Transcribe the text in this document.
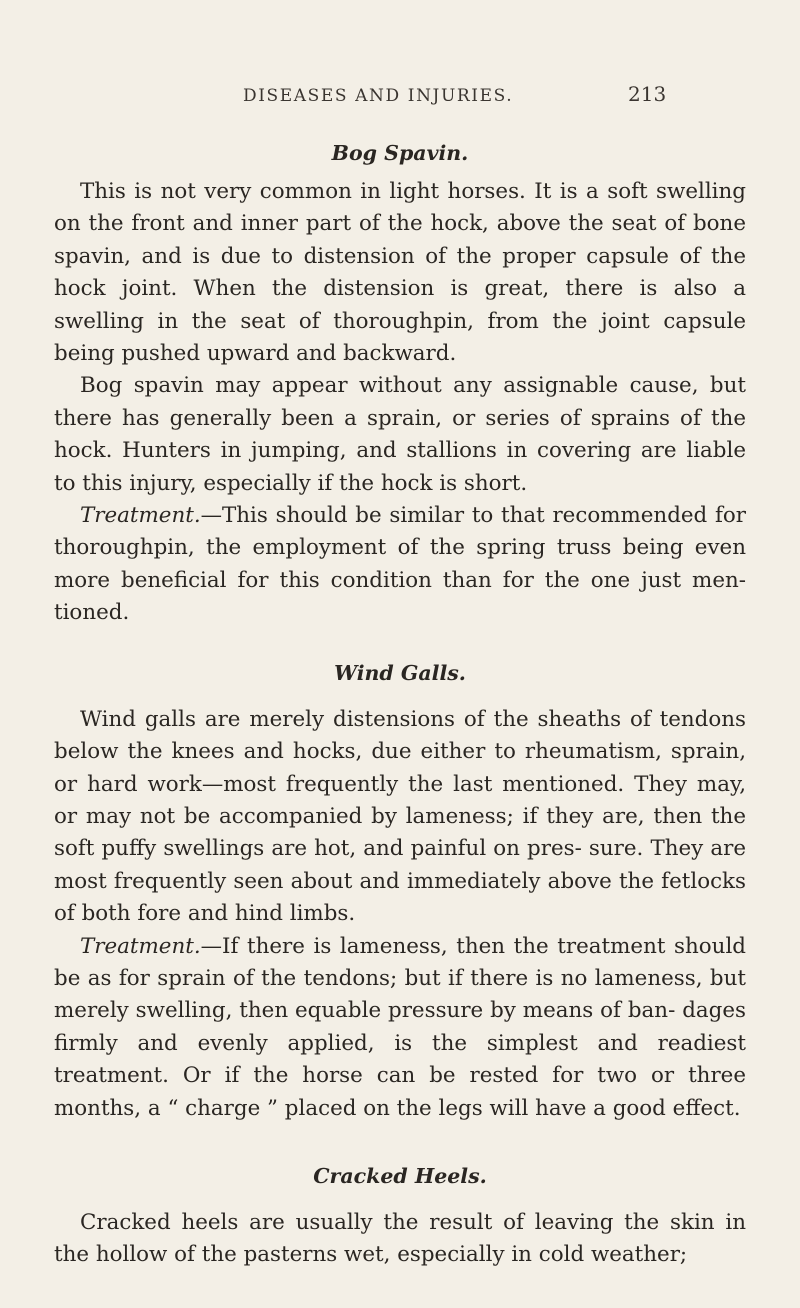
DISEASES AND INJURIES.	213
Bog Spavin.

This is not very common in light horses. It is a soft swelling on the front and inner part of the hock, above the seat of bone spavin, and is due to distension of the proper capsule of the hock joint. When the distension is great, there is also a swelling in the seat of thoroughpin, from the joint capsule being pushed upward and backward.

Bog spavin may appear without any assignable cause, but there has generally been a sprain, or series of sprains of the hock. Hunters in jumping, and stallions in covering are liable to this injury, especially if the hock is short.

Treatment.—This should be similar to that recommended for thoroughpin, the employment of the spring truss being even more beneficial for this condition than for the one just men- tioned.

Wind Galls.

Wind galls are merely distensions of the sheaths of tendons below the knees and hocks, due either to rheumatism, sprain, or hard work—most frequently the last mentioned. They may, or may not be accompanied by lameness; if they are, then the soft puffy swellings are hot, and painful on pres- sure. They are most frequently seen about and immediately above the fetlocks of both fore and hind limbs.

Treatment.—If there is lameness, then the treatment should be as for sprain of the tendons; but if there is no lameness, but merely swelling, then equable pressure by means of ban- dages firmly and evenly applied, is the simplest and readiest treatment. Or if the horse can be rested for two or three months, a “ charge ” placed on the legs will have a good effect.

Cracked Heels.

Cracked heels are usually the result of leaving the skin in the hollow of the pasterns wet, especially in cold weather;
